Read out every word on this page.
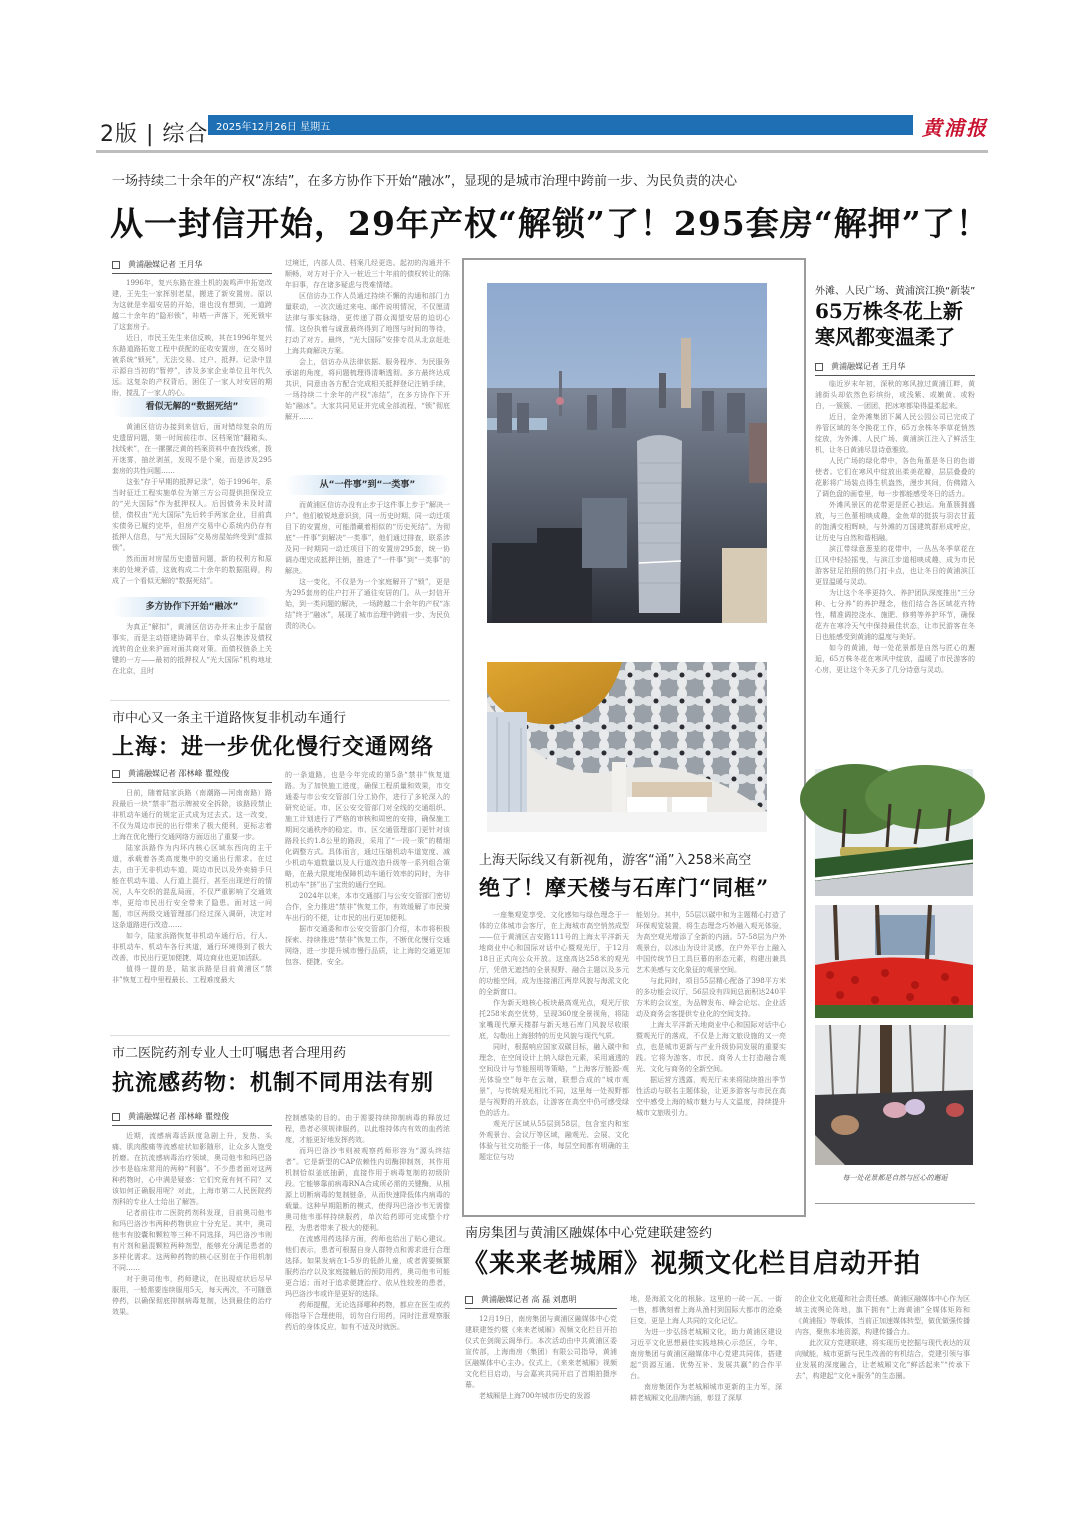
2版 | 综合 2025年12月26日 星期五	黄浦报
一场持续二十余年的产权“冻结”，在多方协作下开始“融冰”，显现的是城市治理中跨前一步、为民负责的决心
从一封信开始，29年产权“解锁”了！295套房“解押”了！
黄浦融媒记者 王月华

1996年，复兴东路在淮土机的轰鸣声中拓宽改建，王先生一家挥别老屋，搬进了新安置房。原以为这就是幸福安居的开始，谁也没有想到，一道跨越二十余年的“隐形锁”，咔嗒一声落下，死死锁牢了这套房子。

近日，市民王先生来信反映，其在1996年复兴东路道路拓宽工程中获配的征收安置房，在交易时被系统“锁死”，无法交易、过户、抵押。记录中显示源自当初的“暂停”，涉及多家企业单位且年代久远。这复杂的产权背后，困住了一家人对安居的期盼，搅乱了一家人的心。

看似无解的“数据死结”

黄浦区信访办接到来信后，面对错综复杂的历史遗留问题，第一时间前往市、区档案馆“翻箱头、找线索”，在一摞摞泛黄的档案资料中查找线索，拨开迷雾，抽丝剥茧，发现不是个案，而是涉及295套房的共性问题……

这张“存于早期的抵押记录”，始于1996年，系当时征迁工程实施单位为第三方公司提供担保设立的“光大国际”作为抵押权人。后因债务未及时清偿，债权由“光大国际”先后转手两家企业，目前真实债务已履约完毕，但房产交易中心系统内仍存有抵押人信息，与“光大国际”交易房屋始终受到“虚拟锁”。

然而面对房屋历史遗留问题，新的权利方和原来的处境矛盾，这就构成二十余年的数据阻碍，构成了一个看似无解的“数据死结”。

多方协作下开始“融冰”

为真正“解扣”，黄浦区信访办并未止步于屋宿事实，而是主动搭建协调平台，牵头召集涉及债权流转的企业来沪面对面共商对策。而债权链条上关键的一方——最初的抵押权人“光大国际”机构地址在北京，且时

过境迁，内部人员、档案几经更迭。起初的沟通并不顺畅，对方对于介入一桩近三十年前的债权转让的陈年旧事，存在诸多疑虑与畏难情绪。

区信访办工作人员通过持续不懈的沟通和部门力量联动，一次次通过来电、邮件说明情况，不仅厘清法律与事实脉络，更传递了群众渴望安居的迫切心情。这份执着与诚意最终得到了地图与时间的等待，打动了对方。最终，“光大国际”安排专员从北京赶赴上海共商解决方案。

会上，信访办从法律依据、服务程序、为民服务承诺的角度，将问题梳理得清晰透彻。多方最终达成共识，同意由各方配合完成相关抵押登记注销手续，一场持续二十余年的产权“冻结”，在多方协作下开始“融冰”。大家共同见证并完成全部流程，“锁”彻底解开……

从“一件事”到“一类事”

而黄浦区信访办没有止步于这件事上步于“解决一户”。他们敏锐地意识到，同一历史时期、同一动迁项目下的安置房，可能潜藏着相似的“历史死结”。为彻底“一件事”到解决“一类事”，他们通过排查，联系涉及同一时期同一动迁项目下的安置房295套，统一协调办理完成抵押注销，推进了“一件事”到“一类事”的解决。

这一变化，不仅是为一个家庭解开了“锁”，更是为295套房的住户打开了通往安居的门。从一封信开始，到一类问题的解决，一场跨越二十余年的产权“冻结”终于“融冰”，展现了城市治理中跨前一步、为民负责的决心。

上海天际线又有新视角，游客“涌”入258米高空
绝了！摩天楼与石库门“同框”

一座集观览享受、文化感知与绿色理念于一体的立体城市会客厅，在上海城市高空悄然成型——位于黄浦区吉安路111号的上海太平洋新天地商业中心和国际对话中心暨观光厅，于12月18日正式向公众开放。这座高达258米的观光厅，凭借无遮挡的全景视野、融合主题以及多元的功能空间，成为连接浦江两岸风貌与海派文化的全新窗口。

作为新天地核心板块最高观光点，观光厅依托258米高空优势，呈现360度全景视角，将陆家嘴现代摩天楼群与新天地石库门风貌尽收眼底，勾勒出上海独特的历史风貌与现代气质。

同时，根据响应国家双碳目标，融入碳中和理念，在空间设计上纳入绿色元素，采用通透的空间设计与节能照明等策略，“上海客厅能源-观光体验空”每年在云端，联想合成的“城市观景”，与传统观光相比不同，这里每一处视野都是与视野的开放态，让游客在高空中仍可感受绿色的活力。

观光厅区域从55层到58层，包含室内和室外观景台、会议厅等区域，融观光、会展、文化体验与社交功能于一体，每层空间都有明确的主题定位与功

能划分。其中，55层以碳中和为主题精心打造了环保观览装置，将生态理念巧妙融入观光体验，为高空观光增添了全新的内涵。57-58层为户外观景台，以冰山为设计灵感，在户外平台上融入中国传统节日工具巨幕的形态元素，构建出兼具艺术美感与文化象征的观景空间。

与此同时，项目55层精心配备了398平方米的多功能会议厅，56层设有四间总面积达240平方米的会议室，为品牌发布、峰会论坛、企业活动及商务会客提供专业化的空间支持。

上海太平洋新天地商业中心和国际对话中心暨观光厅的落成，不仅是上海文旅设施的又一亮点，也是城市更新与产业升级协同发展的重要实践。它将为游客、市民、商务人士打造融合观光、文化与商务的全新空间。

据运营方透露，观光厅未来将陆续推出季节性活动与联名主题体验，让更多游客与市民在高空中感受上海的城市魅力与人文温度，持续提升城市文旅吸引力。

外滩、人民广场、黄浦滨江换“新装”
65万株冬花上新
寒风都变温柔了
黄浦融媒记者 王月华

临近岁末年初，深秋的寒风掠过黄浦江畔，黄浦街头却依然色彩缤纷，或浅紫、或嫩黄、或粉白，一簇簇、一团团，把冰寒都染得温柔起来。

近日，金外滩集团下属人民公园公司已完成了养管区域的冬令换花工作，65万余株冬季草花悄然绽放，为外滩、人民广场、黄浦滨江注入了鲜活生机，让冬日黄浦尽显诗意雅致。

人民广场的绿化带中，各色角堇是冬日的色谱使者。它们在寒风中绽放出柔美花瓣，层层叠叠的花影将广场装点得生机盎然，漫步其间，仿佛踏入了调色盘的画卷里，每一步都能感受冬日的活力。

外滩风景区的花带更是匠心独运。角堇簇拥盛放，与三色堇相映成趣，金鱼草的挺拔与羽衣甘蓝的饱满交相辉映，与外滩的万国建筑群形成呼应，让历史与自然和谐相融。

滨江带绿意葱茏的花带中，一丛丛冬季草花在江风中轻轻摇曳，与滨江步道相映成趣，成为市民游客驻足拍照的热门打卡点，也让冬日的黄浦滨江更显温暖与灵动。

为让这个冬季更持久、养护团队深度推出“三分种、七分养”的养护理念，他们结合各区域花卉特性，精准调控浇水、施肥、修剪等养护环节，确保花卉在寒冷天气中保持最佳状态，让市民游客在冬日也能感受到黄浦的温度与美好。

如今的黄浦，每一处花景都是自然与匠心的邂逅，65万株冬花在寒风中绽放，温暖了市民游客的心房，更让这个冬天多了几分诗意与灵动。

每一处花景都是自然与匠心的邂逅
市中心又一条主干道路恢复非机动车通行
上海：进一步优化慢行交通网络
黄浦融媒记者 邵林峰 瞿煌俊

日前，随着陆家浜路（南潮路—河南南路）路段最后一块“禁非”指示牌被安全拆除，该路段禁止非机动车通行的规定正式成为过去式。这一改变，不仅为周边市民的出行带来了极大便利，更标志着上海在优化慢行交通网络方面迈出了重要一步。

陆家浜路作为内环内核心区域东西向的主干道，承载着各类高度集中的交通出行需求。在过去，由于无非机动车道，周边市民以及外卖骑手只能在机动车道、人行道上混行，甚至出现逆行的情况，人车交织的混乱局面，不仅严重影响了交通效率，更给市民出行安全带来了隐患。面对这一问题，市区两级交通管理部门经过深入调研，决定对这条道路进行改造……

如今，陆家浜路恢复非机动车通行后，行人、非机动车、机动车各行其道，通行环境得到了极大改善，市民出行更加便捷，周边商业也更加活跃。

值得一提的是，陆家浜路是目前黄浦区“禁非”恢复工程中里程最长、工程难度最大

的一条道路，也是今年完成的第5条“禁非”恢复道路。为了加快施工进度，确保工程质量和效果，市交通委与市公安交管部门分工协作，进行了多轮深入的研究论证。市、区公安交管部门对全线的交通组织、施工计划进行了严格的审核和周密的安排，确保施工期间交通秩序的稳定。市、区交通管理部门更针对该路段长约1.8公里的路段，采用了“一段一策”的精细化调整方式。具体而言，通过压缩机动车道宽度、减少机动车道数量以及人行道改造升级等一系列组合策略，在最大限度地保障机动车通行效率的同时，为非机动车“挤”出了宝贵的通行空间。

2024年以来，本市交通部门与公安交管部门密切合作，全力推进“禁非”恢复工作，有效缓解了市民骑车出行的不便，让市民的出行更加便利。

据市交通委和市公安交管部门介绍，本市将积极探索、持续推进“禁非”恢复工作，不断优化慢行交通网络，进一步提升城市慢行品质，让上海的交通更加包容、便捷、安全。

市二医院药剂专业人士叮嘱患者合理用药
抗流感药物：机制不同用法有别
黄浦融媒记者 邵林峰 瞿煌俊

近期，流感病毒活跃度急剧上升，发热、头痛、肌肉酸痛等流感症状如影随形，让众多人饱受折磨。在抗流感病毒治疗领域，奥司他韦和玛巴洛沙韦是临床常用的两种“利器”。不少患者面对这两种药物时，心中满是疑惑：它们究竟有何不同？又该如何正确服用呢？对此，上海市第二人民医院药剂科的专业人士给出了解答。

记者前往市二医院药剂科发现，目前奥司他韦和玛巴洛沙韦两种药物供应十分充足。其中，奥司他韦有胶囊和颗粒等三种不同选择，玛巴洛沙韦则有片剂和悬混颗粒两种剂型，能够充分满足患者的多样化需求。这两种药物的核心区别在于作用机制不同……

对于奥司他韦，药师建议，在出现症状后尽早服用，一般需要连续服用5天，每天两次，不可随意停药，以确保彻底抑制病毒复制，达到最佳的治疗效果。

控制感染的目的。由于需要持续抑制病毒的释放过程，患者必须规律服药，以此维持体内有效的血药浓度，才能更好地发挥药效。

而玛巴洛沙韦则被观察药师形容为“源头终结者”。它是新型的CAP依赖性内切酶抑制剂，其作用机制恰似釜底抽薪，直接作用于病毒复制的初级阶段。它能够靠前病毒RNA合成所必需的关键酶，从根源上切断病毒的复制链条，从而快速降低体内病毒的载量。这种早期阻断的模式，使得玛巴洛沙韦无需像奥司他韦那样持续服药，单次给药即可完成整个疗程，为患者带来了极大的便利。

在流感用药选择方面，药师也给出了贴心建议。他们表示，患者可根据自身人群特点和需求进行合理选择。如果发病在1-5岁的低龄儿童，或者需要频繁服药治疗以及家庭接触后的预防用药，奥司他韦可能更合适；而对于追求便捷治疗、依从性较差的患者，玛巴洛沙韦或许是更好的选择。

药师提醒，无论选择哪种药物，都应在医生或药师指导下合理使用，切勿自行用药，同时注意观察服药后的身体反应，如有不适及时就医。

南房集团与黄浦区融媒体中心党建联建签约
《来来老城厢》视频文化栏目启动开拍
黄浦融媒记者 高 磊 刘惠明

12月19日，南房集团与黄浦区融媒体中心党建联建签约暨《来来老城厢》视频文化栏目开拍仪式在剑阁云阁举行。本次活动由中共黄浦区委宣传部，上海南房（集团）有限公司指导，黄浦区融媒体中心主办。仪式上，《来来老城厢》视频文化栏目启动，与会嘉宾共同开启了首期拍摄序幕。

老城厢是上海700年城市历史的发源

地，是海派文化的根脉。这里的一砖一瓦、一街一巷，都镌刻着上海从渔村到国际大都市的沧桑巨变，更是上海人共同的文化记忆。

为进一步弘扬老城厢文化，助力黄浦区建设习近平文化思想最佳实践地核心示范区，今年，南房集团与黄浦区融媒体中心党建共同体，搭建起“资源互通、优势互补、发展共赢”的合作平台。

南房集团作为老城厢城市更新的主力军，深耕老城厢文化品牌内涵，彰显了深厚

的企业文化底蕴和社会责任感。黄浦区融媒体中心作为区域主流舆论阵地，旗下拥有“上海黄浦”全媒体矩阵和《黄浦报》等载体，当前正加速媒体转型，做优做强传播内容，聚焦本地资源，构建传播合力。

此次双方党建联建，将实现历史挖掘与现代表达的双向赋能，城市更新与民生改善的有机结合，党建引领与事业发展的深度融合，让老城厢文化“鲜活起来”“传承下去”，构建起“文化+服务”的生态圈。
